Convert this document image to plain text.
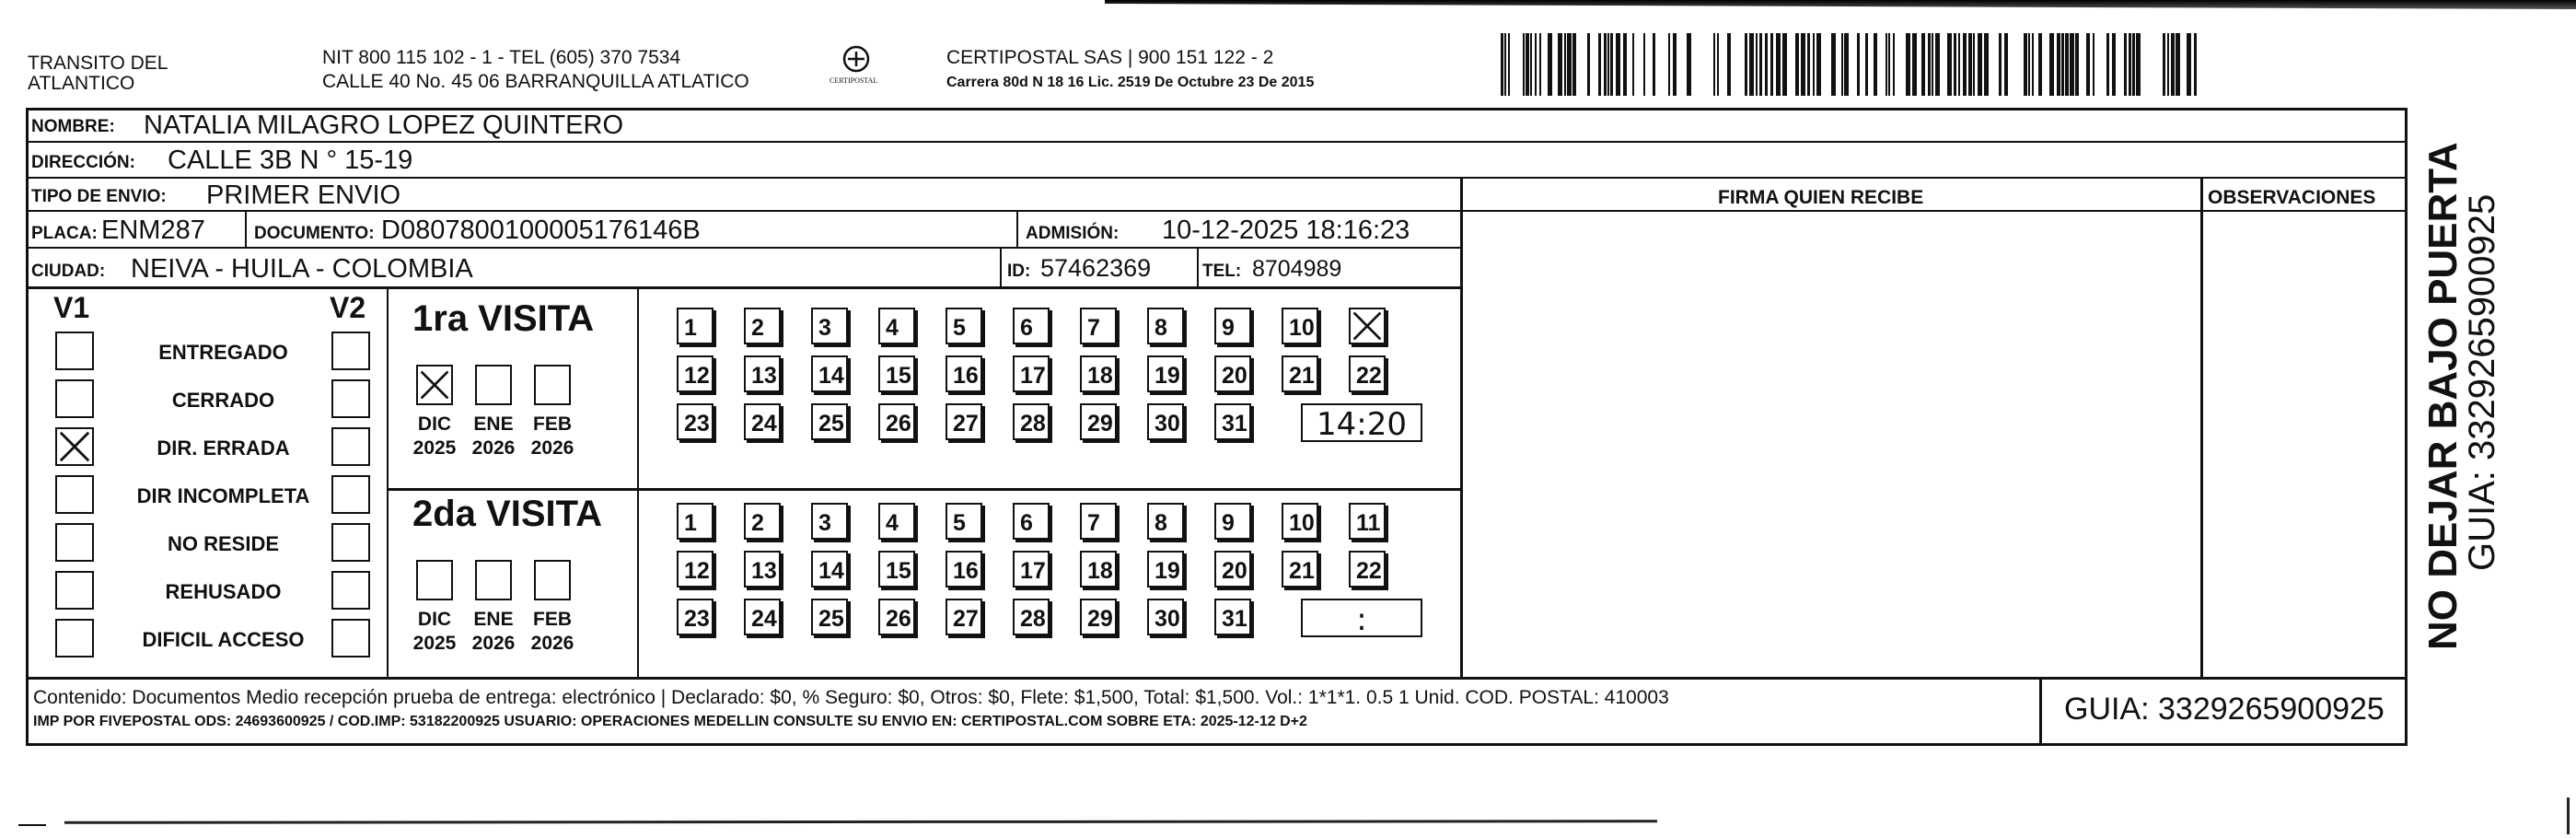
TRANSITO DEL
ATLANTICO
NIT 800 115 102 - 1 - TEL (605) 370 7534
CALLE 40 No. 45 06 BARRANQUILLA ATLATICO	CERTIPOSTAL
CERTIPOSTAL SAS | 900 151 122 - 2
Carrera 80d N 18 16 Lic. 2519 De Octubre 23 De 2015
NOMBRE: NATALIA MILAGRO LOPEZ QUINTERO
DIRECCIÓN: CALLE 3B N ° 15-19
TIPO DE ENVIO: PRIMER ENVIO	FIRMA QUIEN RECIBE	OBSERVACIONES
PLACA: ENM287	DOCUMENTO: D0807800100005176146B	ADMISIÓN: 10-12-2025 18:16:23
CIUDAD: NEIVA - HUILA - COLOMBIA	ID: 57462369	TEL: 8704989
V1	V2
ENTREGADO
CERRADO
DIR. ERRADA
DIR INCOMPLETA
NO RESIDE
REHUSADO
DIFICIL ACCESO
1ra VISITA
DIC
2025
ENE
2026
FEB
2026
1 2 3 4 5 6 7 8 9 10
12 13 14 15 16 17 18 19 20 21 22
23 24 25 26 27 28 29 30 31 14:20
2da VISITA
DIC
2025
ENE
2026
FEB
2026
1 2 3 4 5 6 7 8 9 10 11
12 13 14 15 16 17 18 19 20 21 22
23 24 25 26 27 28 29 30 31	:
Contenido: Documentos Medio recepción prueba de entrega: electrónico | Declarado: $0, % Seguro: $0, Otros: $0, Flete: $1,500, Total: $1,500. Vol.: 1*1*1. 0.5 1 Unid. COD. POSTAL: 410003
IMP POR FIVEPOSTAL ODS: 24693600925 / COD.IMP: 53182200925 USUARIO: OPERACIONES MEDELLIN CONSULTE SU ENVIO EN: CERTIPOSTAL.COM SOBRE ETA: 2025-12-12 D+2	GUIA: 3329265900925
NO DEJAR BAJO PUERTA
GUIA: 3329265900925
